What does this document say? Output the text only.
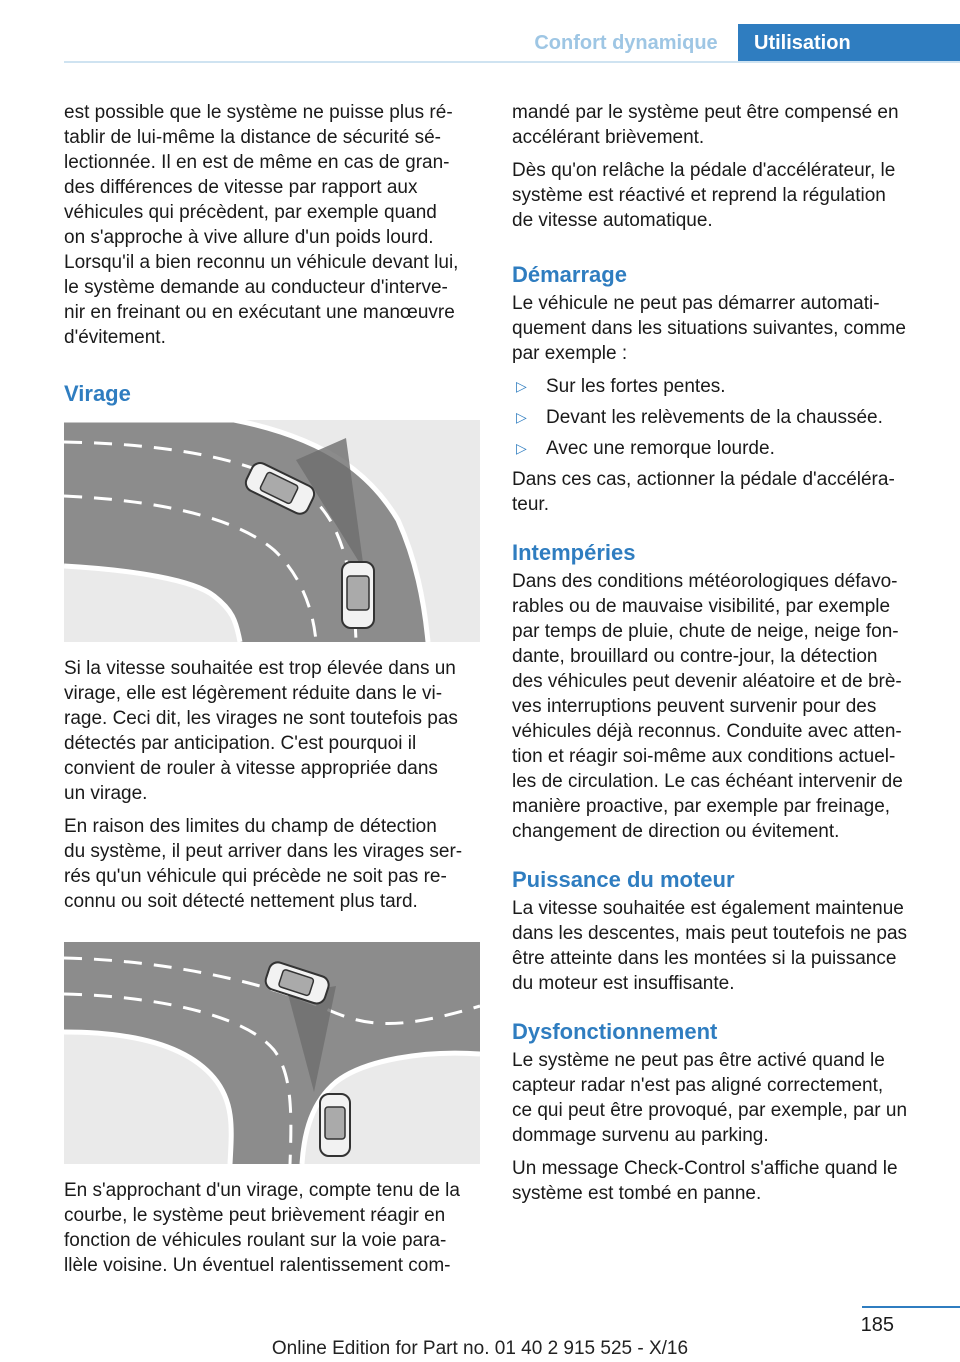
Confort dynamique	Utilisation

est possible que le système ne puisse plus ré‐
tablir de lui-même la distance de sécurité sé‐
lectionnée. Il en est de même en cas de gran‐
des différences de vitesse par rapport aux
véhicules qui précèdent, par exemple quand
on s'approche à vive allure d'un poids lourd.
Lorsqu'il a bien reconnu un véhicule devant lui,
le système demande au conducteur d'interve‐
nir en freinant ou en exécutant une manœuvre
d'évitement.

Virage

Si la vitesse souhaitée est trop élevée dans un
virage, elle est légèrement réduite dans le vi‐
rage. Ceci dit, les virages ne sont toutefois pas
détectés par anticipation. C'est pourquoi il
convient de rouler à vitesse appropriée dans
un virage.

En raison des limites du champ de détection
du système, il peut arriver dans les virages ser‐
rés qu'un véhicule qui précède ne soit pas re‐
connu ou soit détecté nettement plus tard.

En s'approchant d'un virage, compte tenu de la
courbe, le système peut brièvement réagir en
fonction de véhicules roulant sur la voie para‐
llèle voisine. Un éventuel ralentissement com‐

mandé par le système peut être compensé en
accélérant brièvement.

Dès qu'on relâche la pédale d'accélérateur, le
système est réactivé et reprend la régulation
de vitesse automatique.

Démarrage

Le véhicule ne peut pas démarrer automati‐
quement dans les situations suivantes, comme
par exemple :

▷	Sur les fortes pentes.
▷	Devant les relèvements de la chaussée.
▷	Avec une remorque lourde.

Dans ces cas, actionner la pédale d'accéléra‐
teur.

Intempéries

Dans des conditions météorologiques défavo‐
rables ou de mauvaise visibilité, par exemple
par temps de pluie, chute de neige, neige fon‐
dante, brouillard ou contre-jour, la détection
des véhicules peut devenir aléatoire et de brè‐
ves interruptions peuvent survenir pour des
véhicules déjà reconnus. Conduite avec atten‐
tion et réagir soi-même aux conditions actuel‐
les de circulation. Le cas échéant intervenir de
manière proactive, par exemple par freinage,
changement de direction ou évitement.

Puissance du moteur

La vitesse souhaitée est également maintenue
dans les descentes, mais peut toutefois ne pas
être atteinte dans les montées si la puissance
du moteur est insuffisante.

Dysfonctionnement

Le système ne peut pas être activé quand le
capteur radar n'est pas aligné correctement,
ce qui peut être provoqué, par exemple, par un
dommage survenu au parking.

Un message Check-Control s'affiche quand le
système est tombé en panne.

185
Online Edition for Part no. 01 40 2 915 525 - X/16
